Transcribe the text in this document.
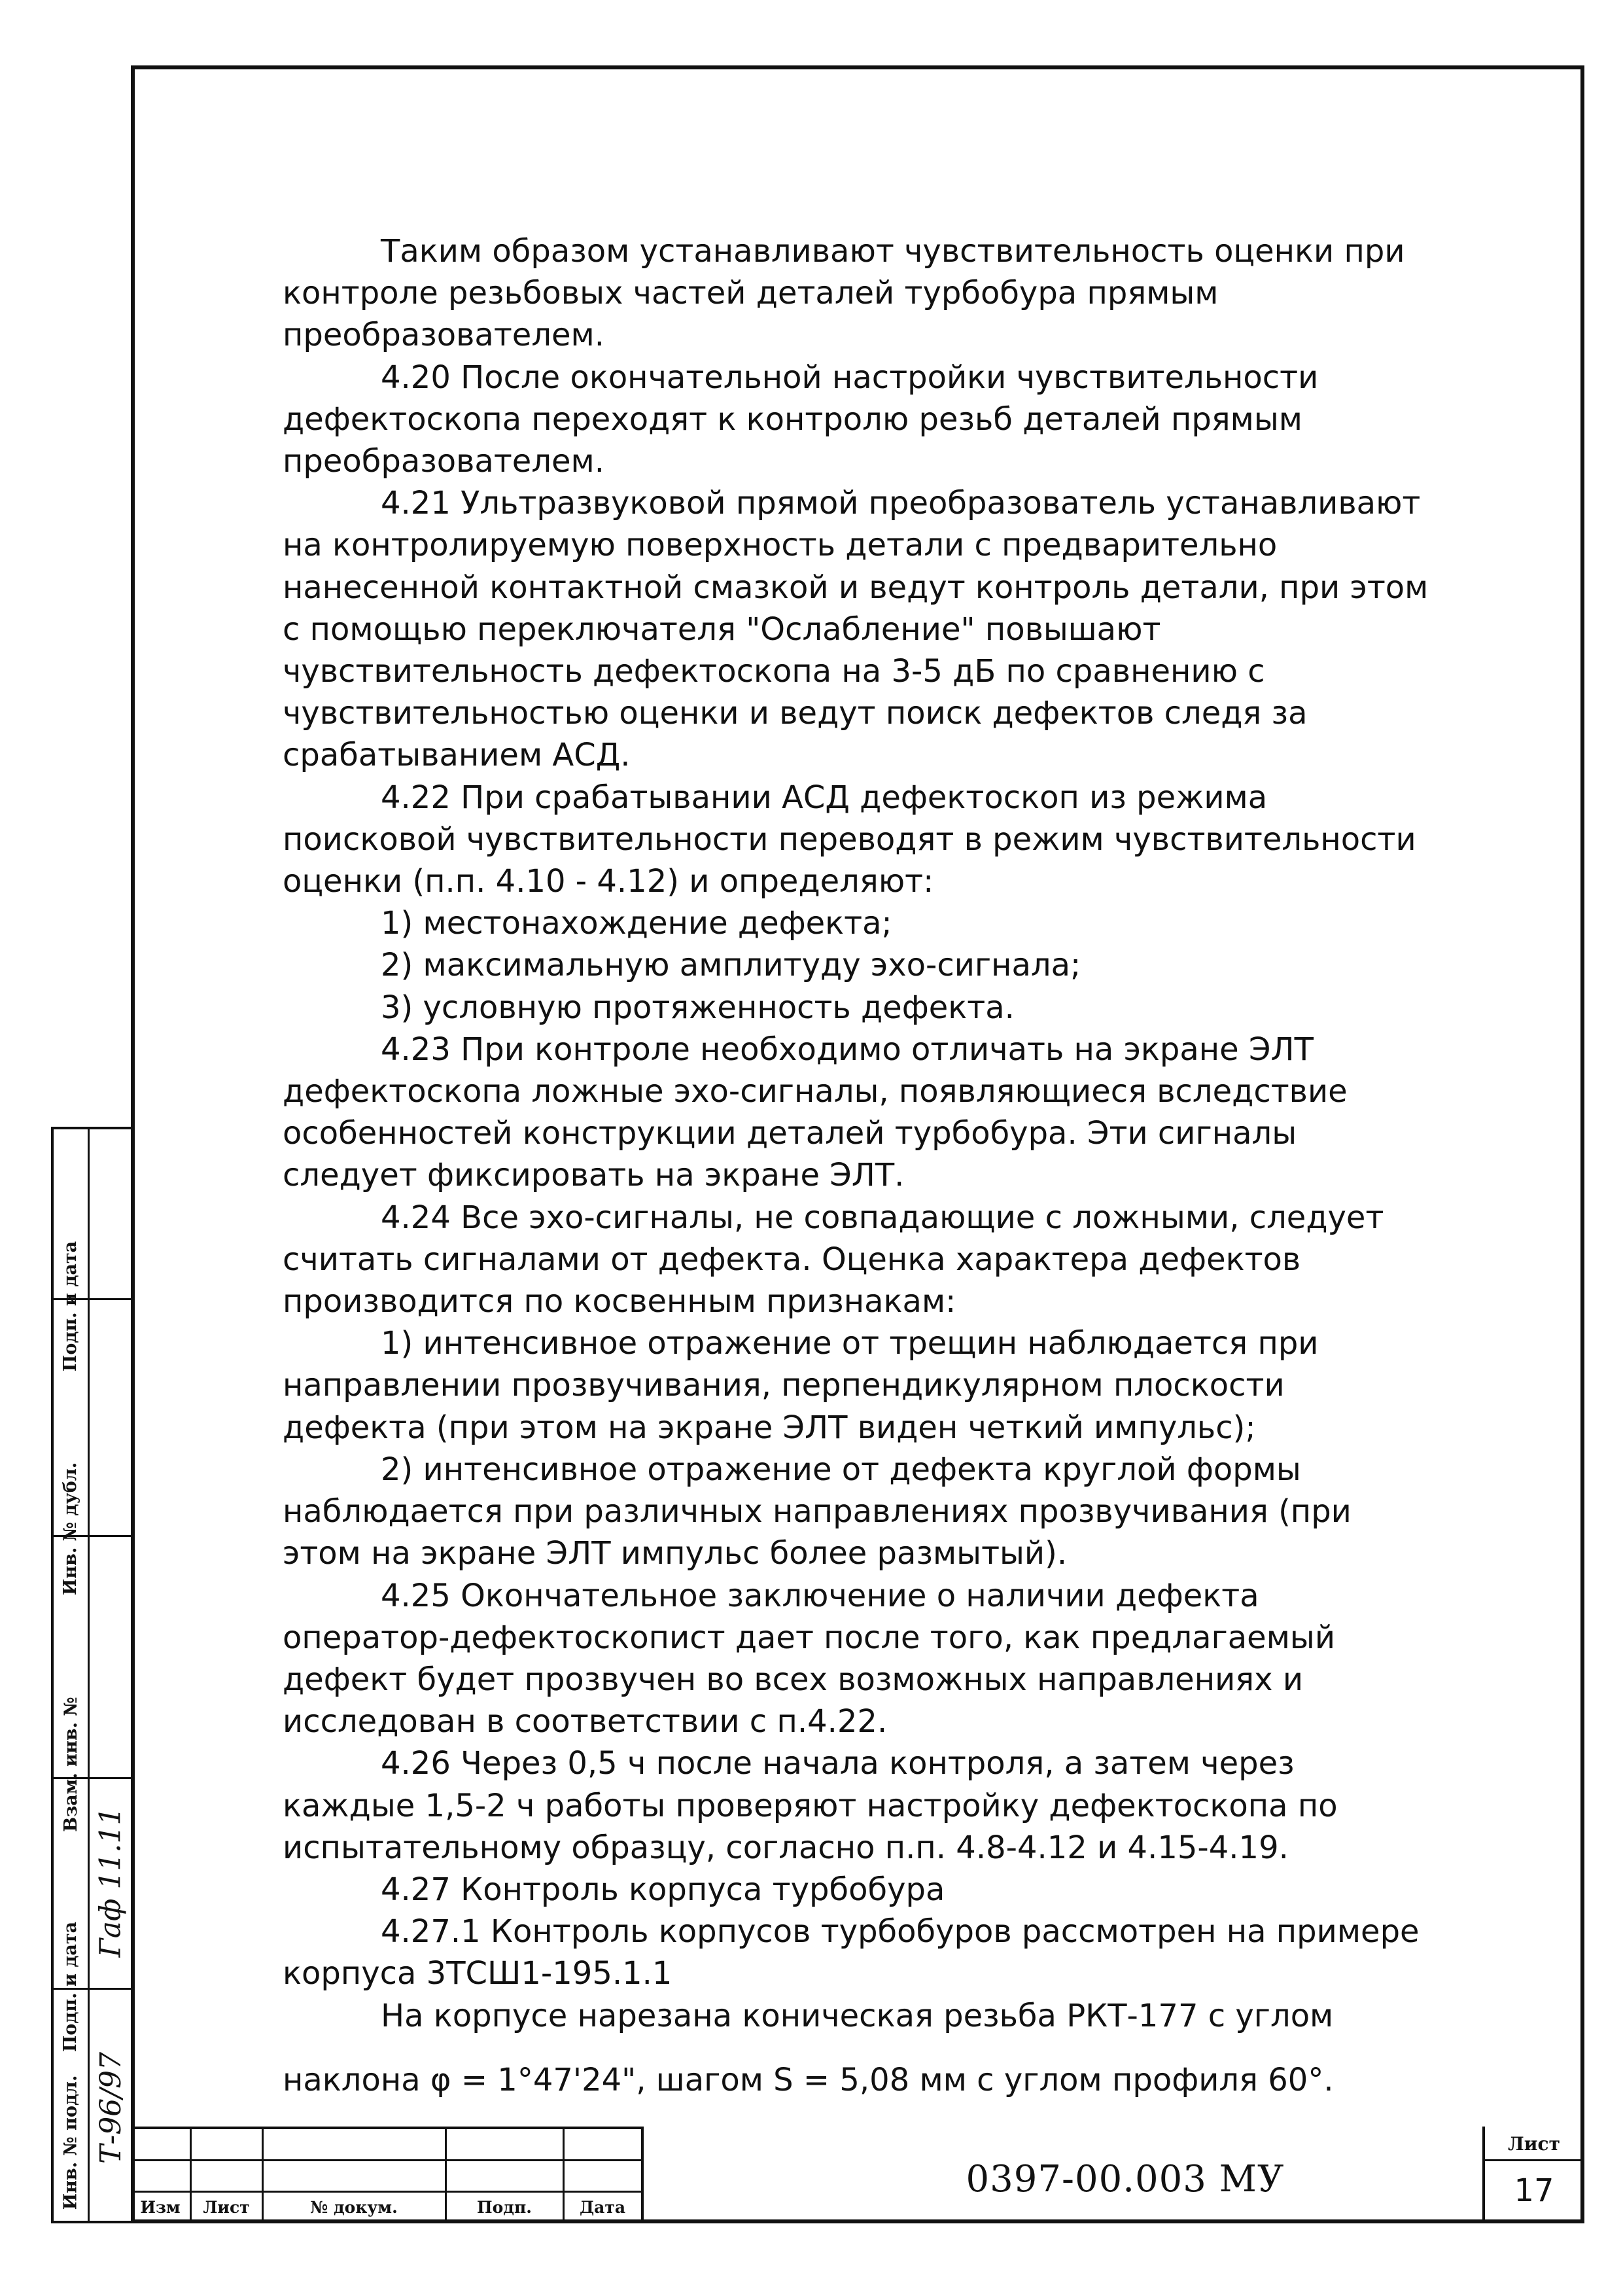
Таким образом устанавливают чувствительность оценки при контроле резьбовых частей деталей турбобура прямым преобразователем.

4.20 После окончательной настройки чувствительности дефектоскопа переходят к контролю резьб деталей прямым преобразователем.

4.21 Ультразвуковой прямой преобразователь устанавливают на контролируемую поверхность детали с предварительно нанесенной контактной смазкой и ведут контроль детали, при этом с помощью переключателя "Ослабление" повышают чувствительность дефектоскопа на 3-5 дБ по сравнению с чувствительностью оценки и ведут поиск дефектов следя за срабатыванием АСД.

4.22 При срабатывании АСД дефектоскоп из режима поисковой чувствительности переводят в режим чувствительности оценки (п.п. 4.10 - 4.12) и определяют:

1) местонахождение дефекта;

2) максимальную амплитуду эхо-сигнала;

3) условную протяженность дефекта.

4.23 При контроле необходимо отличать на экране ЭЛТ дефектоскопа ложные эхо-сигналы, появляющиеся вследствие особенностей конструкции деталей турбобура. Эти сигналы следует фиксировать на экране ЭЛТ.

4.24 Все эхо-сигналы, не совпадающие с ложными, следует считать сигналами от дефекта. Оценка характера дефектов производится по косвенным признакам:

1) интенсивное отражение от трещин наблюдается при направлении прозвучивания, перпендикулярном плоскости дефекта (при этом на экране ЭЛТ виден четкий импульс);

2) интенсивное отражение от дефекта круглой формы наблюдается при различных направлениях прозвучивания (при этом на экране ЭЛТ импульс более размытый).

4.25 Окончательное заключение о наличии дефекта оператор-дефектоскопист дает после того, как предлагаемый дефект будет прозвучен во всех возможных направлениях и исследован в соответствии с п.4.22.

4.26 Через 0,5 ч после начала контроля, а затем через каждые 1,5-2 ч работы проверяют настройку дефектоскопа по испытательному образцу, согласно п.п. 4.8-4.12 и 4.15-4.19.

4.27 Контроль корпуса турбобура

4.27.1 Контроль корпусов турбобуров рассмотрен на примере корпуса 3ТСШ1-195.1.1

На корпусе нарезана коническая резьба РКТ-177 с углом

наклона φ = 1°47'24", шагом S = 5,08 мм с углом профиля 60°.

Подп. и дата
Инв. № дубл.
Взам. инв. №
Подп. и дата
Инв. № подл.
Гаф 11.11
Т-96/97
Изм	Лист	№ докум.	Подп.	Дата
0397-00.003 МУ
Лист
17
